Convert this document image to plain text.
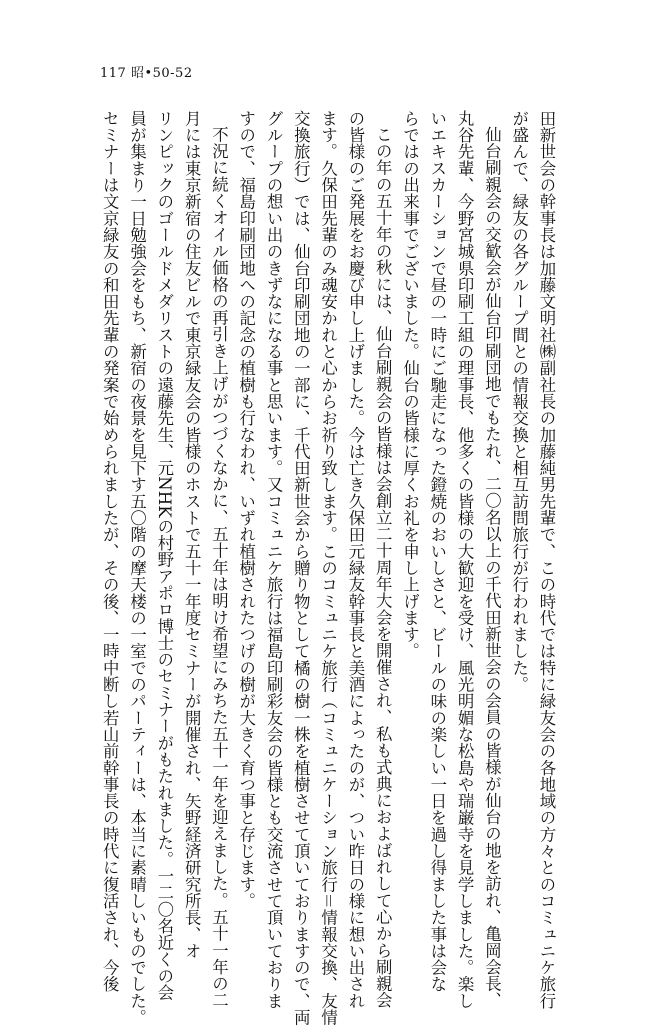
117 昭•50-52
田新世会の幹事長は加藤文明社㈱副社長の加藤純男先輩で、この時代では特に緑友会の各地域の方々とのコミュニケ旅行
が盛んで、緑友の各グループ間との情報交換と相互訪問旅行が行われました。
仙台刷親会の交歓会が仙台印刷団地でもたれ、二〇名以上の千代田新世会の会員の皆様が仙台の地を訪れ、亀岡会長、
丸谷先輩、今野宮城県印刷工組の理事長、他多くの皆様の大歓迎を受け、風光明媚な松島や瑞巌寺を見学しました。楽し
いエキスカーションで昼の一時にご馳走になった鐙焼のおいしさと、ビールの味の楽しい一日を過し得ました事は会な
らではの出来事でございました。仙台の皆様に厚くお礼を申し上げます。
この年の五十年の秋には、仙台刷親会の皆様は会創立二十周年大会を開催され、私も式典におよばれして心から刷親会
の皆様のご発展をお慶び申し上げました。今は亡き久保田元緑友幹事長と美酒によったのが、つい昨日の様に想い出され
ます。久保田先輩のみ魂安かれと心からお祈り致します。このコミュニケ旅行（コミュニケーション旅行＝情報交換、友情
交換旅行）では、仙台印刷団地の一部に、千代田新世会から贈り物として橘の樹一株を植樹させて頂いておりますので、両
グループの想い出のきずなになる事と思います。又コミュニケ旅行は福島印刷彩友会の皆様とも交流させて頂いておりま
すので、福島印刷団地への記念の植樹も行なわれ、いずれ植樹されたつげの樹が大きく育つ事と存じます。
不況に続くオイル価格の再引き上げがつづくなかに、五十年は明け希望にみちた五十一年を迎えました。五十一年の二
月には東京新宿の住友ビルで東京緑友会の皆様のホストで五十一年度セミナーが開催され、矢野経済研究所長、オ
リンピックのゴールドメダリストの遠藤先生、元NHKの村野アポロ博士のセミナーがもたれました。一二〇名近くの会
員が集まり一日勉強会をもち、新宿の夜景を見下す五〇階の摩天楼の一室でのパーティーは、本当に素晴しいものでした。
セミナーは文京緑友の和田先輩の発案で始められましたが、その後、一時中断し若山前幹事長の時代に復活され、今後
